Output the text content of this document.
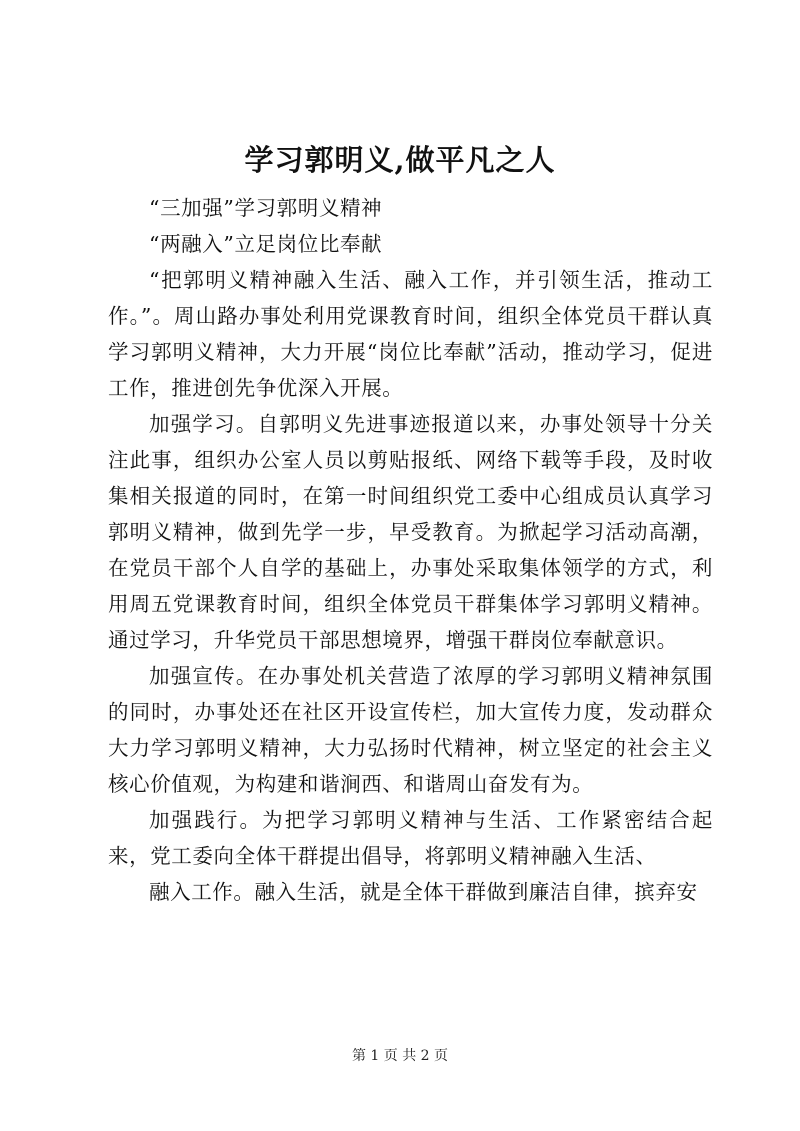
学习郭明义,做平凡之人

“三加强”学习郭明义精神

“两融入”立足岗位比奉献

“把郭明义精神融入生活、融入工作，并引领生活，推动工作。”。周山路办事处利用党课教育时间，组织全体党员干群认真学习郭明义精神，大力开展“岗位比奉献”活动，推动学习，促进工作，推进创先争优深入开展。

加强学习。自郭明义先进事迹报道以来，办事处领导十分关注此事，组织办公室人员以剪贴报纸、网络下载等手段，及时收集相关报道的同时，在第一时间组织党工委中心组成员认真学习郭明义精神，做到先学一步，早受教育。为掀起学习活动高潮，在党员干部个人自学的基础上，办事处采取集体领学的方式，利用周五党课教育时间，组织全体党员干群集体学习郭明义精神。通过学习，升华党员干部思想境界，增强干群岗位奉献意识。

加强宣传。在办事处机关营造了浓厚的学习郭明义精神氛围的同时，办事处还在社区开设宣传栏，加大宣传力度，发动群众大力学习郭明义精神，大力弘扬时代精神，树立坚定的社会主义核心价值观，为构建和谐涧西、和谐周山奋发有为。

加强践行。为把学习郭明义精神与生活、工作紧密结合起来，党工委向全体干群提出倡导，将郭明义精神融入生活、

融入工作。融入生活，就是全体干群做到廉洁自律，摈弃安

第 1 页 共 2 页
